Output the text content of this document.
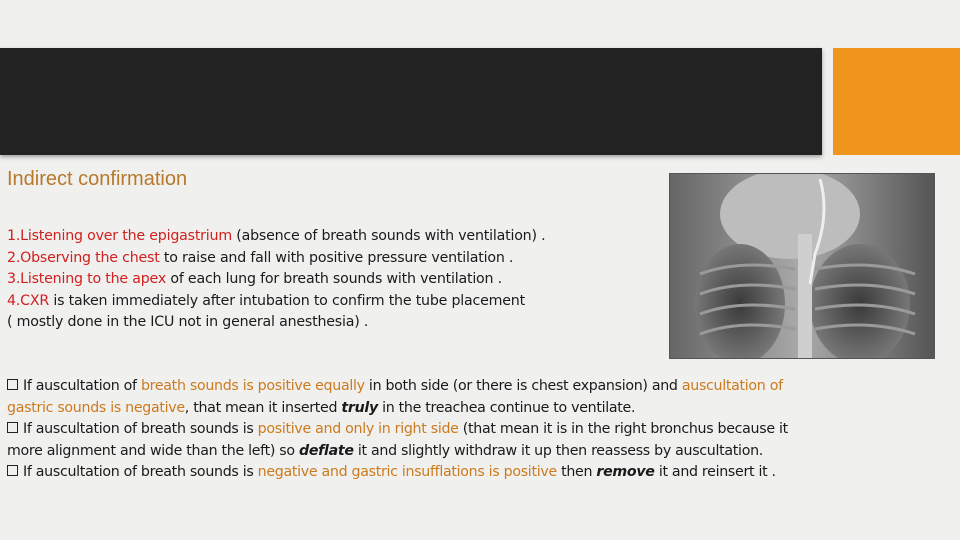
Indirect confirmation
1.Listening over the epigastrium (absence of breath sounds with ventilation) .
2.Observing the chest to raise and fall with positive pressure ventilation .
3.Listening to the apex of each lung for breath sounds with ventilation .
4.CXR is taken immediately after intubation to confirm the tube placement
( mostly done in the ICU not in general anesthesia) .
If auscultation of breath sounds is positive equally in both side (or there is chest expansion) and auscultation of
gastric sounds is negative, that mean it inserted truly in the treachea continue to ventilate.
If auscultation of breath sounds is positive and only in right side (that mean it is in the right bronchus because it
more alignment and wide than the left) so deflate it and slightly withdraw it up then reassess by auscultation.
If auscultation of breath sounds is negative and gastric insufflations is positive then remove it and reinsert it .
